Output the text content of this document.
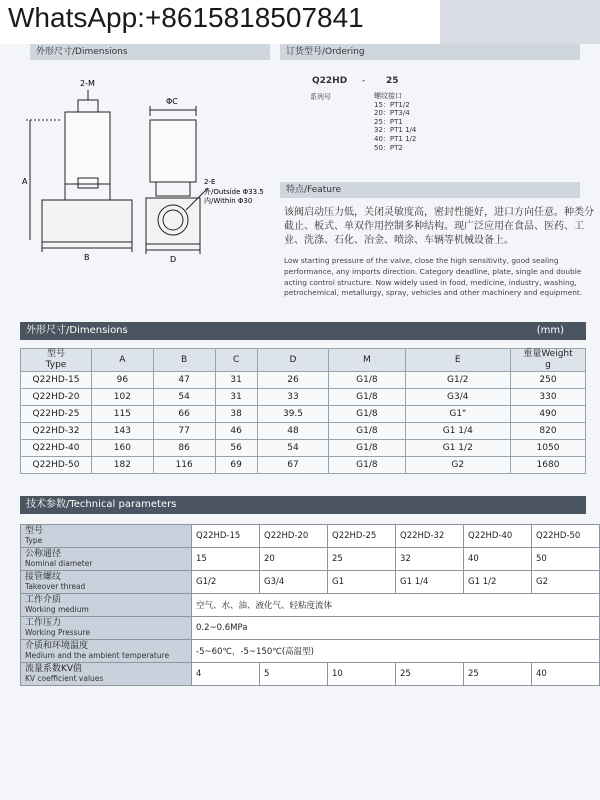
WhatsApp:+8615818507841
外形尺寸/Dimensions	订货型号/Ordering
2-M
ΦC
A
B	D
2-E
外/Outside Φ33.5
内/Within Φ30
Q22HD - 25
系列号	螺纹接口
15：PT1/2
20：PT3/4
25：PT1
32：PT1 1/4
40：PT1 1/2
50：PT2
特点/Feature
该阀启动压力低，关闭灵敏度高，密封性能好，进口方向任意。种类分截止、板式、单双作用控制多种结构。现广泛应用在食品、医药、工业、洗涤、石化、冶金、喷涂、车辆等机械设备上。
Low starting pressure of the valve, close the high sensitivity, good sealing performance, any imports direction. Category deadline, plate, single and double acting control structure. Now widely used in food, medicine, industry, washing, petrochemical, metallurgy, spray, vehicles and other machinery and equipment.
外形尺寸/Dimensions	(mm)
型号
Type	A	B	C	D	M	E	重量Weight
g
Q22HD-15	96	47	31	26	G1/8	G1/2	250
Q22HD-20	102	54	31	33	G1/8	G3/4	330
Q22HD-25	115	66	38	39.5	G1/8	G1"	490
Q22HD-32	143	77	46	48	G1/8	G1 1/4	820
Q22HD-40	160	86	56	54	G1/8	G1 1/2	1050
Q22HD-50	182	116	69	67	G1/8	G2	1680
技术参数/Technical parameters
型号
Type	Q22HD-15	Q22HD-20	Q22HD-25	Q22HD-32	Q22HD-40	Q22HD-50

公称通径
Nominal diameter	15	20	25	32	40	50

接管螺纹
Takeover thread	G1/2	G3/4	G1	G1 1/4	G1 1/2	G2

工作介质
Working medium	空气、水、油、液化气、轻粘度流体					

工作压力
Working Pressure	0.2~0.6MPa					

介质和环境温度
Medium and the ambient temperature	-5~60℃，-5~150℃(高温型)					

流量系数KV值
KV coefficient values	4	5	10	25	25	40
